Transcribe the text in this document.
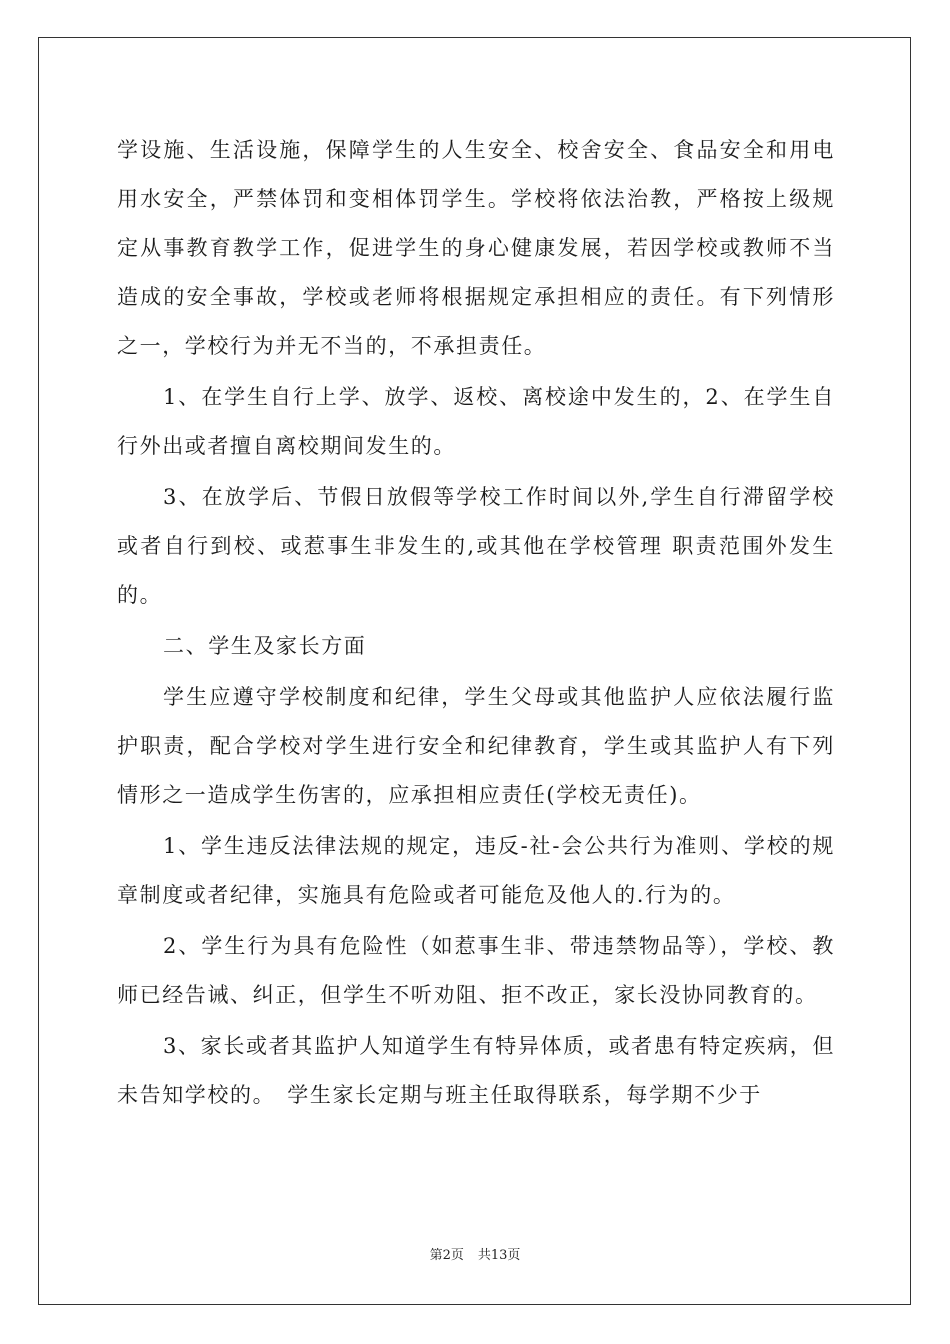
学设施、生活设施，保障学生的人生安全、校舍安全、食品安全和用电用水安全，严禁体罚和变相体罚学生。学校将依法治教，严格按上级规定从事教育教学工作，促进学生的身心健康发展，若因学校或教师不当造成的安全事故，学校或老师将根据规定承担相应的责任。有下列情形之一，学校行为并无不当的，不承担责任。

1、在学生自行上学、放学、返校、离校途中发生的，2、在学生自行外出或者擅自离校期间发生的。

3、在放学后、节假日放假等学校工作时间以外,学生自行滞留学校或者自行到校、或惹事生非发生的,或其他在学校管理 职责范围外发生的。

二、学生及家长方面

学生应遵守学校制度和纪律，学生父母或其他监护人应依法履行监护职责，配合学校对学生进行安全和纪律教育，学生或其监护人有下列情形之一造成学生伤害的，应承担相应责任(学校无责任)。

1、学生违反法律法规的规定，违反-社-会公共行为准则、学校的规章制度或者纪律，实施具有危险或者可能危及他人的.行为的。

2、学生行为具有危险性（如惹事生非、带违禁物品等），学校、教师已经告诫、纠正，但学生不听劝阻、拒不改正，家长没协同教育的。

3、家长或者其监护人知道学生有特异体质，或者患有特定疾病，但未告知学校的。　学生家长定期与班主任取得联系，每学期不少于

第2页 共13页
